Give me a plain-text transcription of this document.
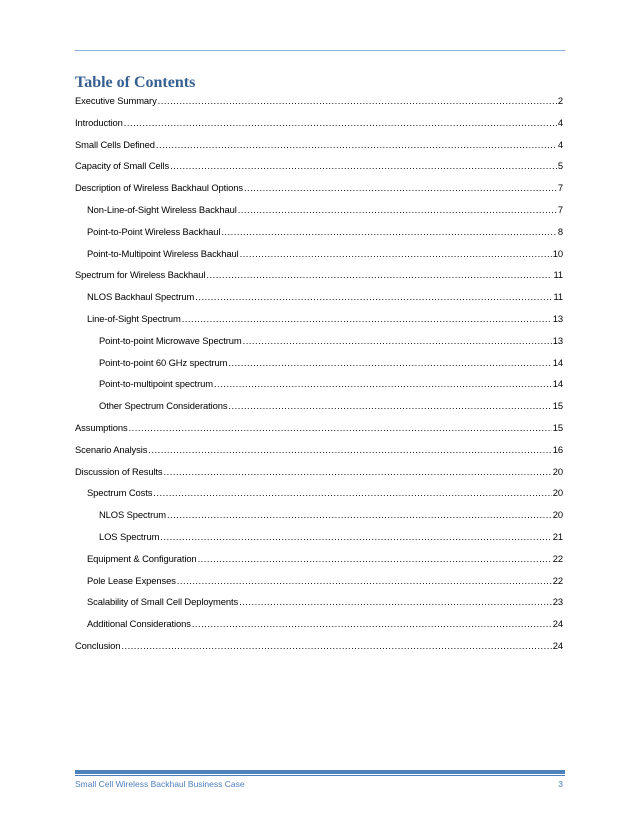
Table of Contents
Executive Summary .....	2
Introduction .....	4
Small Cells Defined .....	4
Capacity of Small Cells .....	5
Description of Wireless Backhaul Options .....	7
Non-Line-of-Sight Wireless Backhaul .....	7
Point-to-Point Wireless Backhaul .....	8
Point-to-Multipoint Wireless Backhaul .....	10
Spectrum for Wireless Backhaul .....	11
NLOS Backhaul Spectrum .....	11
Line-of-Sight Spectrum .....	13
Point-to-point Microwave Spectrum .....	13
Point-to-point 60 GHz spectrum .....	14
Point-to-multipoint spectrum .....	14
Other Spectrum Considerations .....	15
Assumptions .....	15
Scenario Analysis .....	16
Discussion of Results .....	20
Spectrum Costs .....	20
NLOS Spectrum .....	20
LOS Spectrum .....	21
Equipment & Configuration .....	22
Pole Lease Expenses .....	22
Scalability of Small Cell Deployments .....	23
Additional Considerations .....	24
Conclusion .....	24
Small Cell Wireless Backhaul Business Case	3
